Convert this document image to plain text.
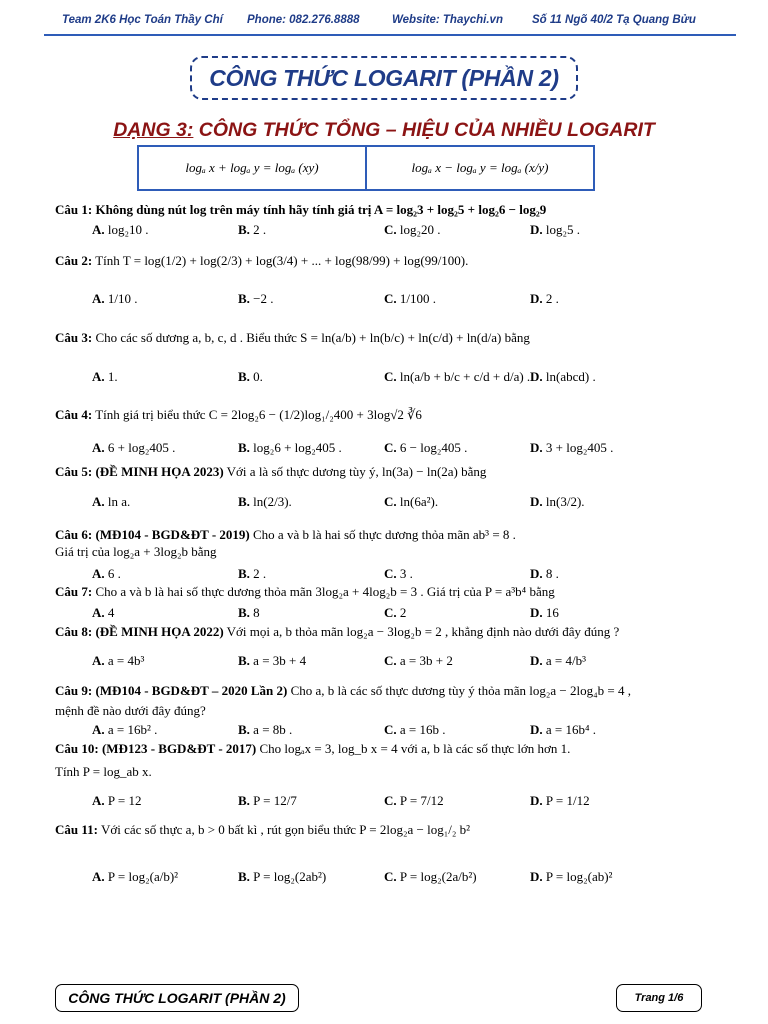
Team 2K6 Học Toán Thầy Chí Phone: 082.276.8888	Website: Thaychi.vn	Số 11 Ngõ 40/2 Tạ Quang Bửu
CÔNG THỨC LOGARIT (PHẦN 2)
DẠNG 3: CÔNG THỨC TỔNG – HIỆU CỦA NHIỀU LOGARIT
logₐ x + logₐ y = logₐ (xy)	logₐ x − logₐ y = logₐ (x/y)
Câu 1: Không dùng nút log trên máy tính hãy tính giá trị A = log₂3 + log₂5 + log₂6 − log₂9
A. log₂10 .	B. 2 .	C. log₂20 .	D. log₂5 .
Câu 2: Tính T = log(1/2) + log(2/3) + log(3/4) + ... + log(98/99) + log(99/100).
A. 1/10 .	B. −2 .	C. 1/100 .	D. 2 .
Câu 3: Cho các số dương a, b, c, d . Biểu thức S = ln(a/b) + ln(b/c) + ln(c/d) + ln(d/a) bằng
A. 1.	B. 0.	C. ln(a/b + b/c + c/d + d/a) . D. ln(abcd) .
Câu 4: Tính giá trị biểu thức C = 2log₂6 − (1/2)log₁/₂400 + 3log√2 ∛6
A. 6 + log₂405 .	B. log₂6 + log₂405 .	C. 6 − log₂405 .	D. 3 + log₂405 .
Câu 5: (ĐỀ MINH HỌA 2023) Với a là số thực dương tùy ý, ln(3a) − ln(2a) bằng
A. ln a.	B. ln(2/3).	C. ln(6a²).	D. ln(3/2).
Câu 6: (MĐ104 - BGD&ĐT - 2019) Cho a và b là hai số thực dương thỏa mãn ab³ = 8 .
Giá trị của log₂a + 3log₂b bằng
A. 6 .	B. 2 .	C. 3 .	D. 8 .
Câu 7: Cho a và b là hai số thực dương thỏa mãn 3log₂a + 4log₂b = 3 . Giá trị của P = a³b⁴ bằng
A. 4	B. 8	C. 2	D. 16
Câu 8: (ĐỀ MINH HỌA 2022) Với mọi a, b thỏa mãn log₂a − 3log₂b = 2 , khẳng định nào dưới đây đúng ?
A. a = 4b³	B. a = 3b + 4	C. a = 3b + 2	D. a = 4/b³
Câu 9: (MĐ104 - BGD&ĐT – 2020 Lần 2) Cho a, b là các số thực dương tùy ý thỏa mãn log₂a − 2log₄b = 4 ,
mệnh đề nào dưới đây đúng?
A. a = 16b² .	B. a = 8b .	C. a = 16b .	D. a = 16b⁴ .
Câu 10: (MĐ123 - BGD&ĐT - 2017) Cho logₐx = 3, log_b x = 4 với a, b là các số thực lớn hơn 1.
Tính P = log_ab x.
A. P = 12	B. P = 12/7	C. P = 7/12	D. P = 1/12
Câu 11: Với các số thực a, b > 0 bất kì , rút gọn biểu thức P = 2log₂a − log₁/₂ b²
A. P = log₂(a/b)²	B. P = log₂(2ab²)	C. P = log₂(2a/b²)	D. P = log₂(ab)²
CÔNG THỨC LOGARIT (PHẦN 2)	Trang 1/6
